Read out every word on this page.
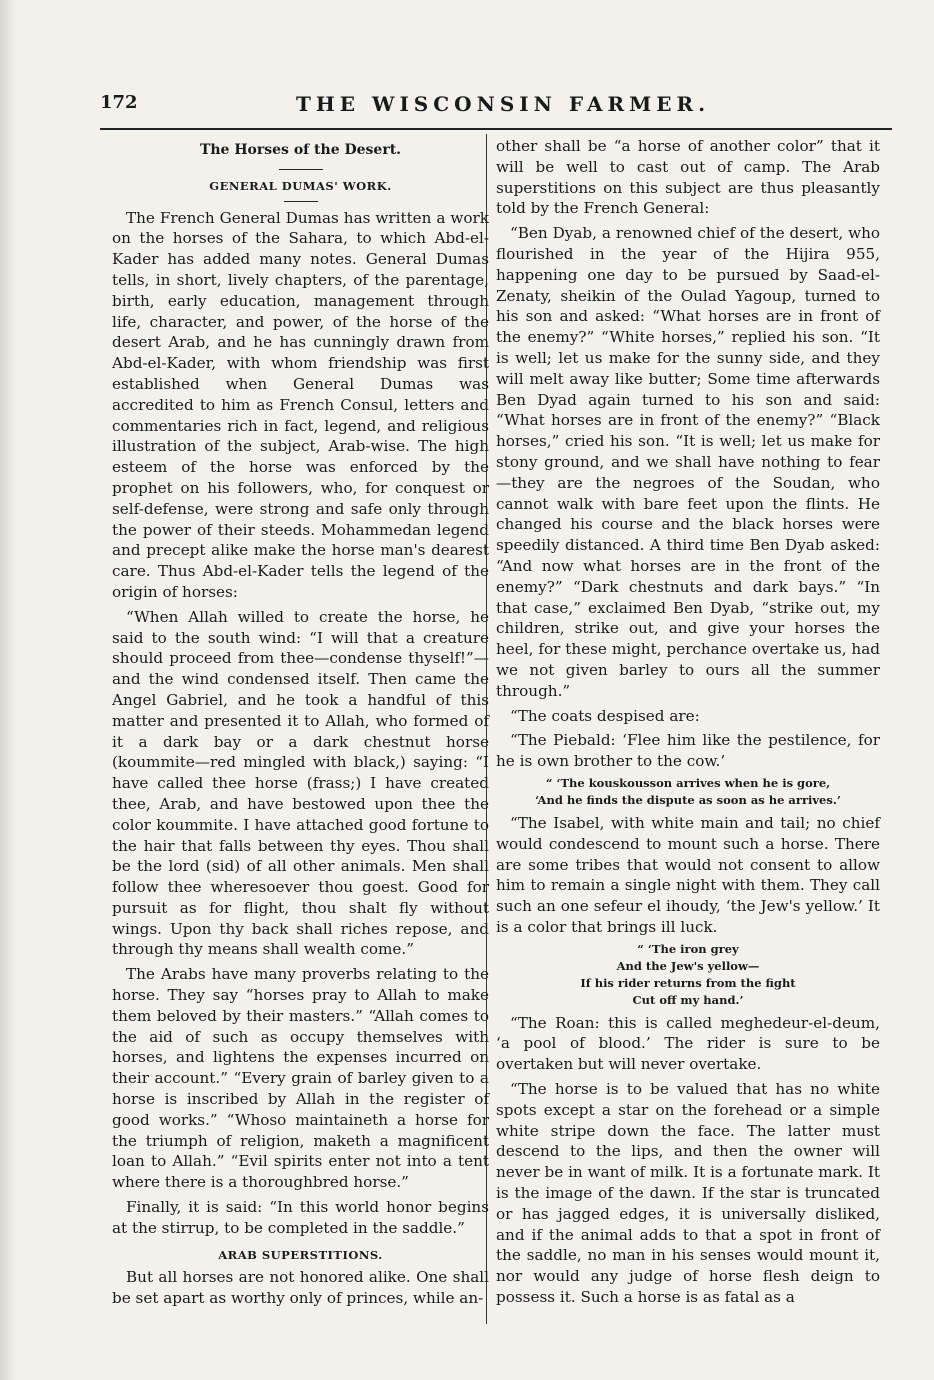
172	THE WISCONSIN FARMER.
The Horses of the Desert.
GENERAL DUMAS' WORK.

The French General Dumas has written a work on the horses of the Sahara, to which Abd-el-Kader has added many notes. General Dumas tells, in short, lively chapters, of the parentage, birth, early education, management through life, character, and power, of the horse of the desert Arab, and he has cunningly drawn from Abd-el-Kader, with whom friendship was first established when General Dumas was accredited to him as French Consul, letters and commentaries rich in fact, legend, and religious illustration of the subject, Arab-wise. The high esteem of the horse was enforced by the prophet on his followers, who, for conquest or self-defense, were strong and safe only through the power of their steeds. Mohammedan legend and precept alike make the horse man's dearest care. Thus Abd-el-Kader tells the legend of the origin of horses:

“When Allah willed to create the horse, he said to the south wind: “I will that a creature should proceed from thee—condense thyself!”—and the wind condensed itself. Then came the Angel Gabriel, and he took a handful of this matter and presented it to Allah, who formed of it a dark bay or a dark chestnut horse (koummite—red mingled with black,) saying: “I have called thee horse (frass;) I have created thee, Arab, and have bestowed upon thee the color koummite. I have attached good fortune to the hair that falls between thy eyes. Thou shall be the lord (sid) of all other animals. Men shall follow thee wheresoever thou goest. Good for pursuit as for flight, thou shalt fly without wings. Upon thy back shall riches repose, and through thy means shall wealth come.”

The Arabs have many proverbs relating to the horse. They say “horses pray to Allah to make them beloved by their masters.” “Allah comes to the aid of such as occupy themselves with horses, and lightens the expenses incurred on their account.” “Every grain of barley given to a horse is inscribed by Allah in the register of good works.” “Whoso maintaineth a horse for the triumph of religion, maketh a magnificent loan to Allah.” “Evil spirits enter not into a tent where there is a thoroughbred horse.”

Finally, it is said: “In this world honor begins at the stirrup, to be completed in the saddle.”

ARAB SUPERSTITIONS.

But all horses are not honored alike. One shall be set apart as worthy only of princes, while an-

other shall be “a horse of another color” that it will be well to cast out of camp. The Arab superstitions on this subject are thus pleasantly told by the French General:

“Ben Dyab, a renowned chief of the desert, who flourished in the year of the Hijira 955, happening one day to be pursued by Saad-el-Zenaty, sheikin of the Oulad Yagoup, turned to his son and asked: “What horses are in front of the enemy?” “White horses,” replied his son. “It is well; let us make for the sunny side, and they will melt away like butter; Some time afterwards Ben Dyad again turned to his son and said: “What horses are in front of the enemy?” “Black horses,” cried his son. “It is well; let us make for stony ground, and we shall have nothing to fear—they are the negroes of the Soudan, who cannot walk with bare feet upon the flints. He changed his course and the black horses were speedily distanced. A third time Ben Dyab asked: “And now what horses are in the front of the enemy?” “Dark chestnuts and dark bays.” “In that case,” exclaimed Ben Dyab, “strike out, my children, strike out, and give your horses the heel, for these might, perchance overtake us, had we not given barley to ours all the summer through.”

“The coats despised are:

“The Piebald: ‘Flee him like the pestilence, for he is own brother to the cow.’

“ ‘The kouskousson arrives when he is gore,
‘And he finds the dispute as soon as he arrives.’

“The Isabel, with white main and tail; no chief would condescend to mount such a horse. There are some tribes that would not consent to allow him to remain a single night with them. They call such an one sefeur el ihoudy, ‘the Jew's yellow.’ It is a color that brings ill luck.

“ ‘The iron grey
And the Jew's yellow—
If his rider returns from the fight
Cut off my hand.’

“The Roan: this is called meghedeur-el-deum, ‘a pool of blood.’ The rider is sure to be overtaken but will never overtake.

“The horse is to be valued that has no white spots except a star on the forehead or a simple white stripe down the face. The latter must descend to the lips, and then the owner will never be in want of milk. It is a fortunate mark. It is the image of the dawn. If the star is truncated or has jagged edges, it is universally disliked, and if the animal adds to that a spot in front of the saddle, no man in his senses would mount it, nor would any judge of horse flesh deign to possess it. Such a horse is as fatal as a
